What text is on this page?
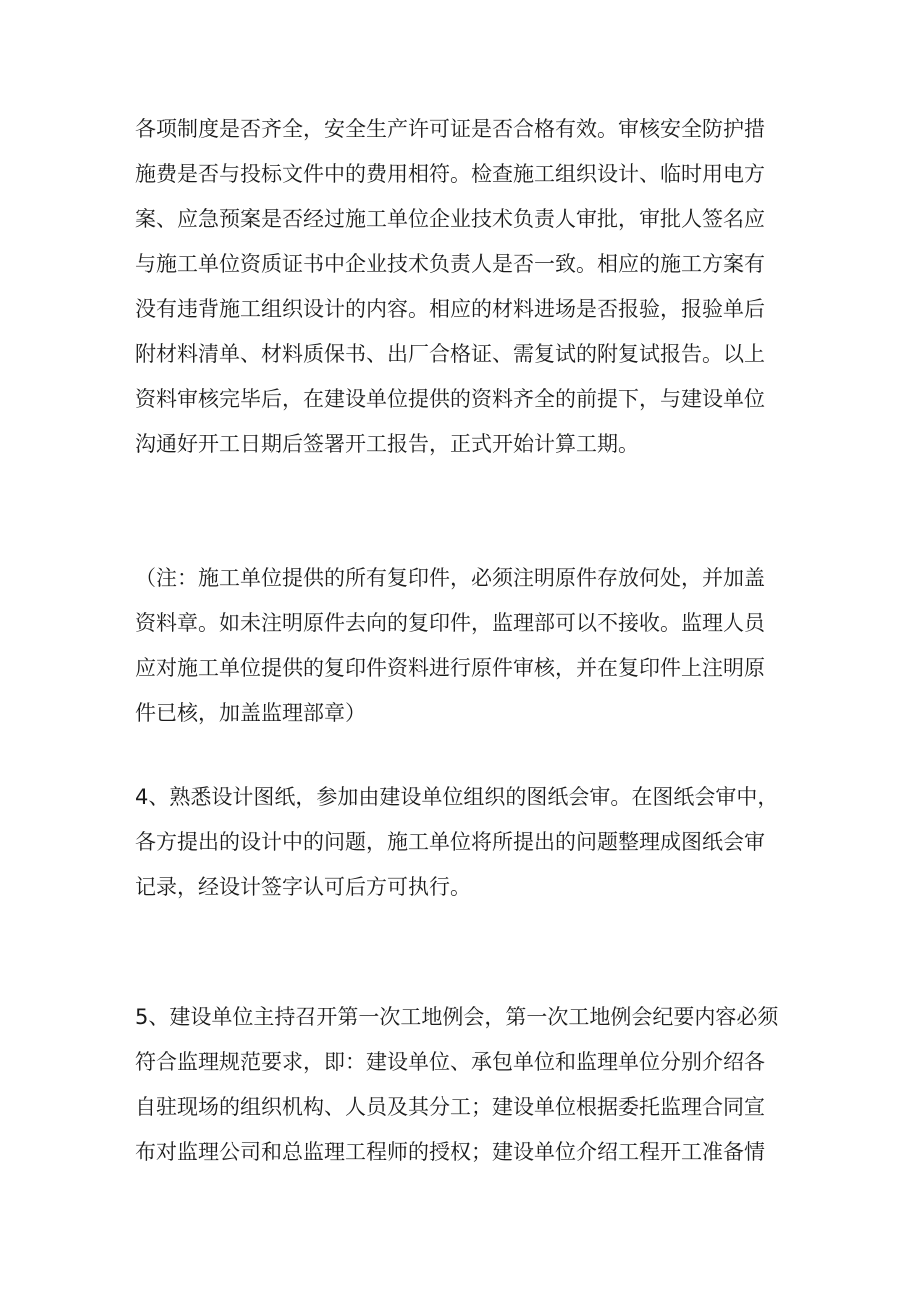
各项制度是否齐全，安全生产许可证是否合格有效。审核安全防护措
施费是否与投标文件中的费用相符。检查施工组织设计、临时用电方
案、应急预案是否经过施工单位企业技术负责人审批，审批人签名应
与施工单位资质证书中企业技术负责人是否一致。相应的施工方案有
没有违背施工组织设计的内容。相应的材料进场是否报验，报验单后
附材料清单、材料质保书、出厂合格证、需复试的附复试报告。以上
资料审核完毕后，在建设单位提供的资料齐全的前提下，与建设单位
沟通好开工日期后签署开工报告，正式开始计算工期。
（注：施工单位提供的所有复印件，必须注明原件存放何处，并加盖
资料章。如未注明原件去向的复印件，监理部可以不接收。监理人员
应对施工单位提供的复印件资料进行原件审核，并在复印件上注明原
件已核，加盖监理部章）
4、熟悉设计图纸，参加由建设单位组织的图纸会审。在图纸会审中，
各方提出的设计中的问题，施工单位将所提出的问题整理成图纸会审
记录，经设计签字认可后方可执行。
5、建设单位主持召开第一次工地例会，第一次工地例会纪要内容必须
符合监理规范要求，即：建设单位、承包单位和监理单位分别介绍各
自驻现场的组织机构、人员及其分工；建设单位根据委托监理合同宣
布对监理公司和总监理工程师的授权；建设单位介绍工程开工准备情
